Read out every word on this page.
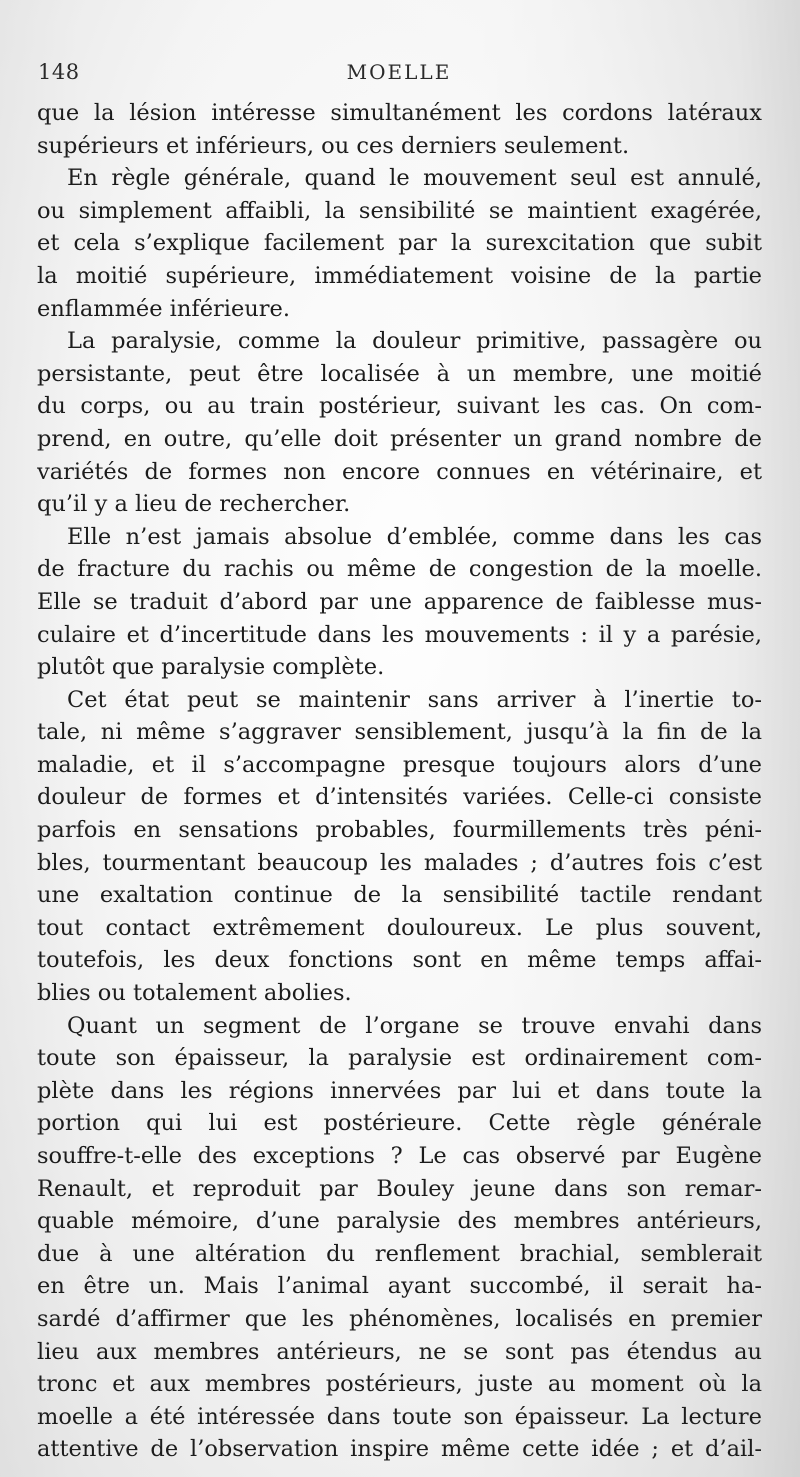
148	MOELLE
que la lésion intéresse simultanément les cordons latéraux
supérieurs et inférieurs, ou ces derniers seulement.
En règle générale, quand le mouvement seul est annulé,
ou simplement affaibli, la sensibilité se maintient exagérée,
et cela s’explique facilement par la surexcitation que subit
la moitié supérieure, immédiatement voisine de la partie
enflammée inférieure.
La paralysie, comme la douleur primitive, passagère ou
persistante, peut être localisée à un membre, une moitié
du corps, ou au train postérieur, suivant les cas. On com-
prend, en outre, qu’elle doit présenter un grand nombre de
variétés de formes non encore connues en vétérinaire, et
qu’il y a lieu de rechercher.
Elle n’est jamais absolue d’emblée, comme dans les cas
de fracture du rachis ou même de congestion de la moelle.
Elle se traduit d’abord par une apparence de faiblesse mus-
culaire et d’incertitude dans les mouvements : il y a parésie,
plutôt que paralysie complète.
Cet état peut se maintenir sans arriver à l’inertie to-
tale, ni même s’aggraver sensiblement, jusqu’à la fin de la
maladie, et il s’accompagne presque toujours alors d’une
douleur de formes et d’intensités variées. Celle-ci consiste
parfois en sensations probables, fourmillements très péni-
bles, tourmentant beaucoup les malades ; d’autres fois c’est
une exaltation continue de la sensibilité tactile rendant
tout contact extrêmement douloureux. Le plus souvent,
toutefois, les deux fonctions sont en même temps affai-
blies ou totalement abolies.
Quant un segment de l’organe se trouve envahi dans
toute son épaisseur, la paralysie est ordinairement com-
plète dans les régions innervées par lui et dans toute la
portion qui lui est postérieure. Cette règle générale
souffre-t-elle des exceptions ? Le cas observé par Eugène
Renault, et reproduit par Bouley jeune dans son remar-
quable mémoire, d’une paralysie des membres antérieurs,
due à une altération du renflement brachial, semblerait
en être un. Mais l’animal ayant succombé, il serait ha-
sardé d’affirmer que les phénomènes, localisés en premier
lieu aux membres antérieurs, ne se sont pas étendus au
tronc et aux membres postérieurs, juste au moment où la
moelle a été intéressée dans toute son épaisseur. La lecture
attentive de l’observation inspire même cette idée ; et d’ail-
